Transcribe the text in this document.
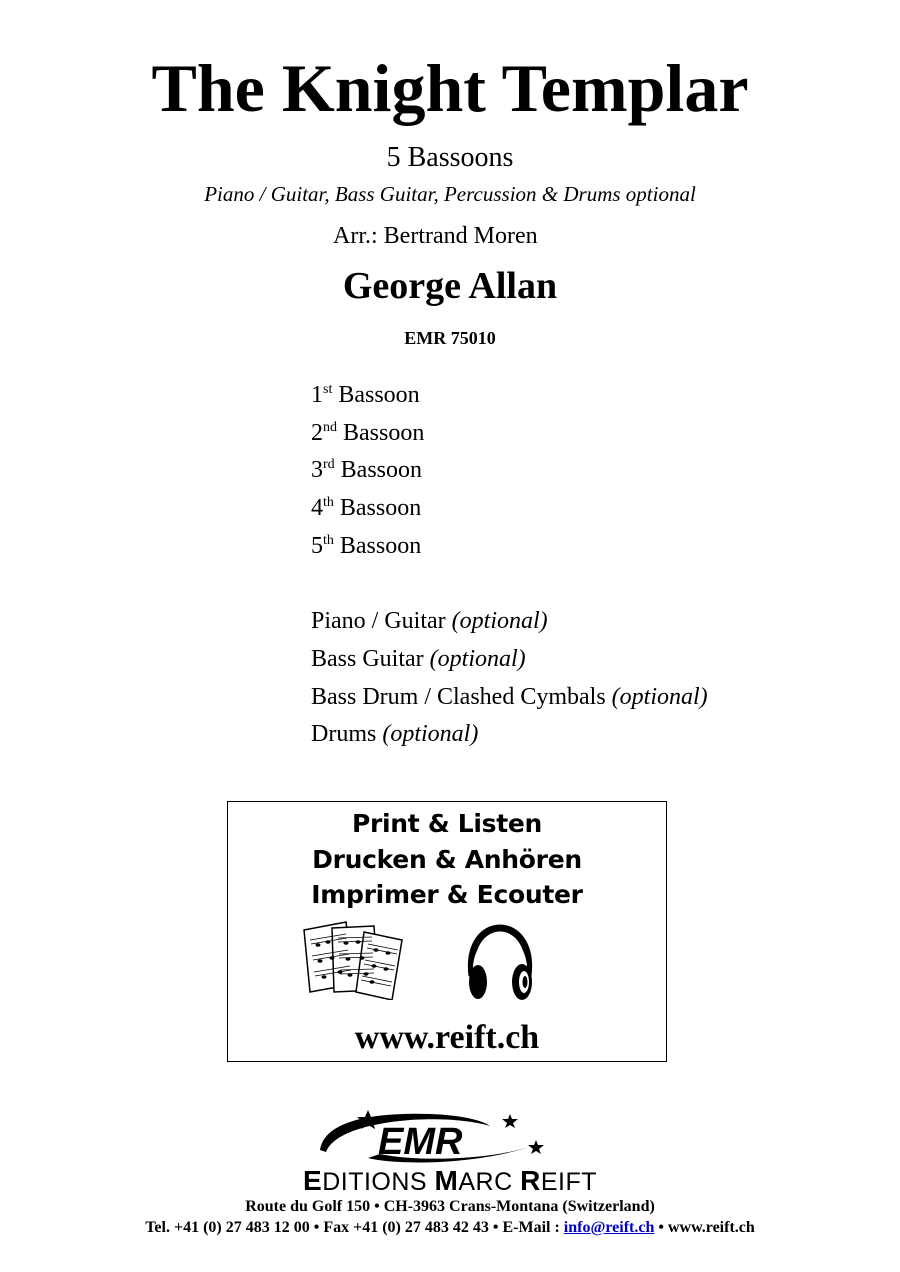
The Knight Templar
5 Bassoons
Piano / Guitar, Bass Guitar, Percussion & Drums optional
Arr.: Bertrand Moren
George Allan
EMR 75010
1st Bassoon
2nd Bassoon
3rd Bassoon
4th Bassoon
5th Bassoon
Piano / Guitar (optional)
Bass Guitar (optional)
Bass Drum / Clashed Cymbals (optional)
Drums (optional)
Print & Listen
Drucken & Anhören
Imprimer & Ecouter
www.reift.ch
EMR
EDITIONS MARC REIFT
Route du Golf 150 • CH-3963 Crans-Montana (Switzerland)
Tel. +41 (0) 27 483 12 00 • Fax +41 (0) 27 483 42 43 • E-Mail : info@reift.ch • www.reift.ch
